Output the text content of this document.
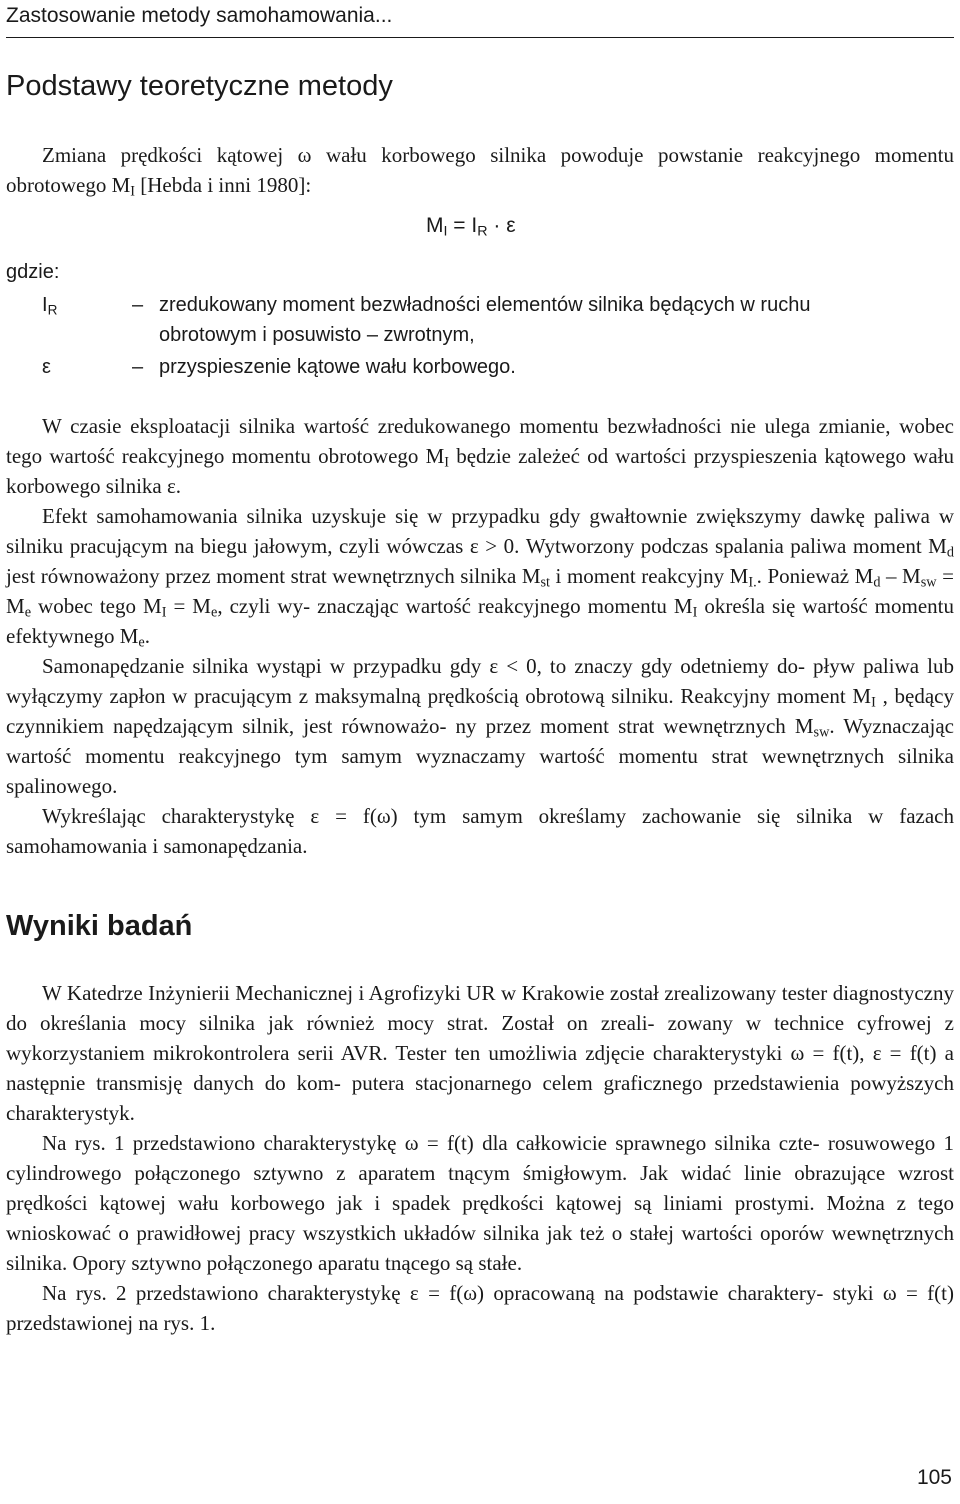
Zastosowanie metody samohamowania...
Podstawy teoretyczne metody

Zmiana prędkości kątowej ω wału korbowego silnika powoduje powstanie reakcyjnego momentu obrotowego $M_I$ [Hebda i inni 1980]:

$M_I = I_R \cdot \varepsilon$
gdzie:
$I_R$	– zredukowany moment bezwładności elementów silnika będących w ruchu
obrotowym i posuwisto – zwrotnym,
ε	– przyspieszenie kątowe wału korbowego.

W czasie eksploatacji silnika wartość zredukowanego momentu bezwładności nie ulega zmianie, wobec tego wartość reakcyjnego momentu obrotowego $M_I$ będzie zależeć od wartości przyspieszenia kątowego wału korbowego silnika ε.

Efekt samohamowania silnika uzyskuje się w przypadku gdy gwałtownie zwiększymy dawkę paliwa w silniku pracującym na biegu jałowym, czyli wówczas ε > 0. Wytworzony podczas spalania paliwa moment $M_d$ jest równoważony przez moment strat wewnętrznych silnika $M_{st}$ i moment reakcyjny $M_{I.}$. Ponieważ $M_d - M_{sw} = M_e$ wobec tego $M_I = M_e$, czyli wy- znacząjąc wartość reakcyjnego momentu $M_I$ określa się wartość momentu efektywnego $M_e$.

Samonapędzanie silnika wystąpi w przypadku gdy ε < 0, to znaczy gdy odetniemy do- pływ paliwa lub wyłączymy zapłon w pracującym z maksymalną prędkością obrotową silniku. Reakcyjny moment $M_I$ , będący czynnikiem napędzającym silnik, jest równoważo- ny przez moment strat wewnętrznych $M_{sw}$. Wyznaczając wartość momentu reakcyjnego tym samym wyznaczamy wartość momentu strat wewnętrznych silnika spalinowego.

Wykreślając charakterystykę ε = f(ω) tym samym określamy zachowanie się silnika w fazach samohamowania i samonapędzania.

Wyniki badań

W Katedrze Inżynierii Mechanicznej i Agrofizyki UR w Krakowie został zrealizowany tester diagnostyczny do określania mocy silnika jak również mocy strat. Został on zreali- zowany w technice cyfrowej z wykorzystaniem mikrokontrolera serii AVR. Tester ten umożliwia zdjęcie charakterystyki ω = f(t), ε = f(t) a następnie transmisję danych do kom- putera stacjonarnego celem graficznego przedstawienia powyższych charakterystyk.

Na rys. 1 przedstawiono charakterystykę ω = f(t) dla całkowicie sprawnego silnika czte- rosuwowego 1 cylindrowego połączonego sztywno z aparatem tnącym śmigłowym. Jak widać linie obrazujące wzrost prędkości kątowej wału korbowego jak i spadek prędkości kątowej są liniami prostymi. Można z tego wnioskować o prawidłowej pracy wszystkich układów silnika jak też o stałej wartości oporów wewnętrznych silnika. Opory sztywno połączonego aparatu tnącego są stałe.

Na rys. 2 przedstawiono charakterystykę ε = f(ω) opracowaną na podstawie charaktery- styki ω = f(t) przedstawionej na rys. 1.

105
